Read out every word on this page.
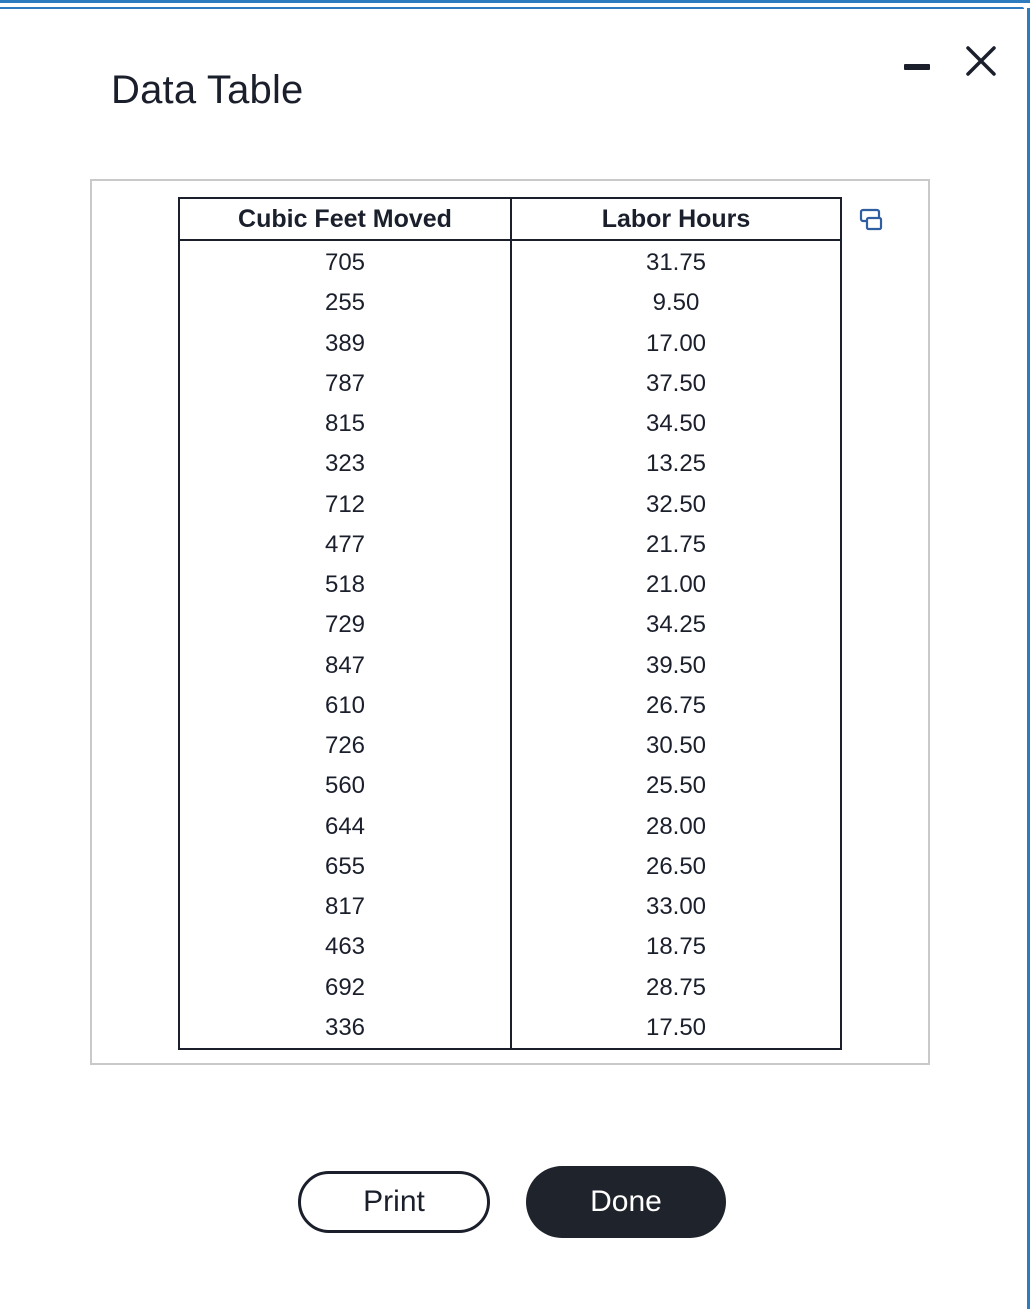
Data Table
Cubic Feet Moved	Labor Hours
705	31.75
255	9.50
389	17.00
787	37.50
815	34.50
323	13.25
712	32.50
477	21.75
518	21.00
729	34.25
847	39.50
610	26.75
726	30.50
560	25.50
644	28.00
655	26.50
817	33.00
463	18.75
692	28.75
336	17.50
Print	Done
